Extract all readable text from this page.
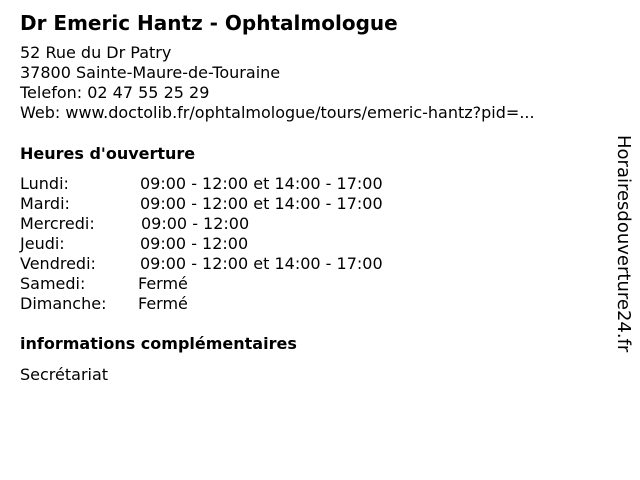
Dr Emeric Hantz - Ophtalmologue
52 Rue du Dr Patry
37800 Sainte-Maure-de-Touraine
Telefon: 02 47 55 25 29
Web: www.doctolib.fr/ophtalmologue/tours/emeric-hantz?pid=...
Heures d'ouverture
Lundi:	09:00 - 12:00 et 14:00 - 17:00
Mardi:	09:00 - 12:00 et 14:00 - 17:00
Mercredi:	09:00 - 12:00
Jeudi:	09:00 - 12:00
Vendredi:	09:00 - 12:00 et 14:00 - 17:00
Samedi:	Fermé
Dimanche: Fermé
informations complémentaires
Secrétariat
Horairesdouverture24.fr
